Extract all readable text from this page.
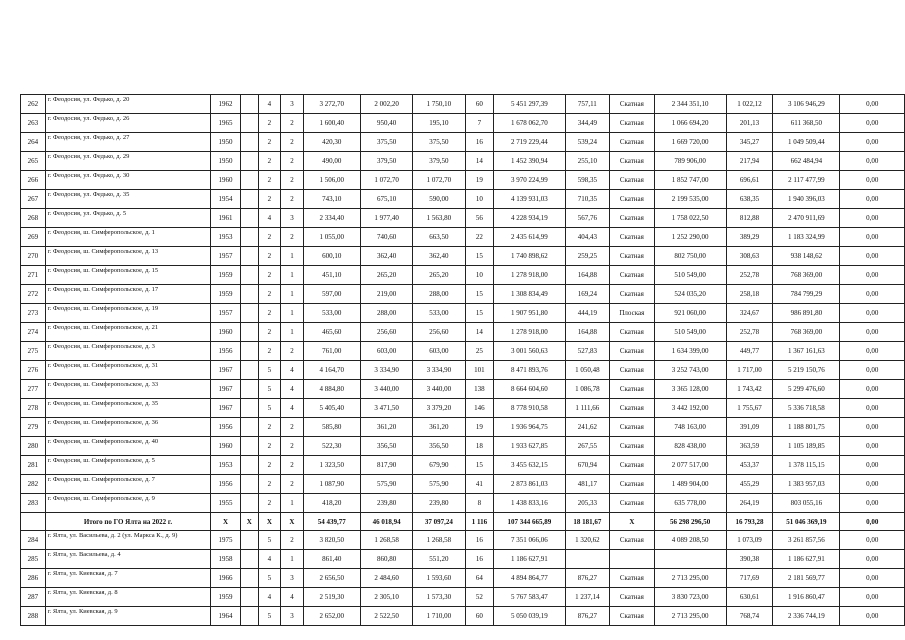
262	г. Феодосия, ул. Федько, д. 20	1962		4	3	3 272,70	2 002,20	1 750,10	60	5 451 297,39	757,11	Скатная	2 344 351,10	1 022,12	3 106 946,29	0,00
263	г. Феодосия, ул. Федько, д. 26	1965		2	2	1 600,40	950,40	195,10	7	1 678 062,70	344,49	Скатная	1 066 694,20	201,13	611 368,50	0,00
264	г. Феодосия, ул. Федько, д. 27	1950		2	2	420,30	375,50	375,50	16	2 719 229,44	539,24	Скатная	1 669 720,00	345,27	1 049 509,44	0,00
265	г. Феодосия, ул. Федько, д. 29	1950		2	2	490,00	379,50	379,50	14	1 452 390,94	255,10	Скатная	789 906,00	217,94	662 484,94	0,00
266	г. Феодосия, ул. Федько, д. 30	1960		2	2	1 506,00	1 072,70	1 072,70	19	3 970 224,99	598,35	Скатная	1 852 747,00	696,61	2 117 477,99	0,00
267	г. Феодосия, ул. Федько, д. 35	1954		2	2	743,10	675,10	590,00	10	4 139 931,03	710,35	Скатная	2 199 535,00	638,35	1 940 396,03	0,00
268	г. Феодосия, ул. Федько, д. 5	1961		4	3	2 334,40	1 977,40	1 563,80	56	4 228 934,19	567,76	Скатная	1 758 022,50	812,88	2 470 911,69	0,00
269	г. Феодосия, ш. Симферопольское, д. 1	1953		2	2	1 055,00	740,60	663,50	22	2 435 614,99	404,43	Скатная	1 252 290,00	389,29	1 183 324,99	0,00
270	г. Феодосия, ш. Симферопольское, д. 13	1957		2	1	600,10	362,40	362,40	15	1 740 898,62	259,25	Скатная	802 750,00	308,63	938 148,62	0,00
271	г. Феодосия, ш. Симферопольское, д. 15	1959		2	1	451,10	265,20	265,20	10	1 278 918,00	164,88	Скатная	510 549,00	252,78	768 369,00	0,00
272	г. Феодосия, ш. Симферопольское, д. 17	1959		2	1	597,00	219,00	288,00	15	1 308 834,49	169,24	Скатная	524 035,20	258,18	784 799,29	0,00
273	г. Феодосия, ш. Симферопольское, д. 19	1957		2	1	533,00	288,00	533,00	15	1 907 951,80	444,19	Плоская	921 060,00	324,67	986 891,80	0,00
274	г. Феодосия, ш. Симферопольское, д. 21	1960		2	1	465,60	256,60	256,60	14	1 278 918,00	164,88	Скатная	510 549,00	252,78	768 369,00	0,00
275	г. Феодосия, ш. Симферопольское, д. 3	1956		2	2	761,00	603,00	603,00	25	3 001 560,63	527,83	Скатная	1 634 399,00	449,77	1 367 161,63	0,00
276	г. Феодосия, ш. Симферопольское, д. 31	1967		5	4	4 164,70	3 334,90	3 334,90	101	8 471 893,76	1 050,48	Скатная	3 252 743,00	1 717,00	5 219 150,76	0,00
277	г. Феодосия, ш. Симферопольское, д. 33	1967		5	4	4 884,80	3 440,00	3 440,00	138	8 664 604,60	1 086,78	Скатная	3 365 128,00	1 743,42	5 299 476,60	0,00
278	г. Феодосия, ш. Симферопольское, д. 35	1967		5	4	5 405,40	3 471,50	3 379,20	146	8 778 910,58	1 111,66	Скатная	3 442 192,00	1 755,67	5 336 718,58	0,00
279	г. Феодосия, ш. Симферопольское, д. 36	1956		2	2	585,80	361,20	361,20	19	1 936 964,75	241,62	Скатная	748 163,00	391,09	1 188 801,75	0,00
280	г. Феодосия, ш. Симферопольское, д. 40	1960		2	2	522,30	356,50	356,50	18	1 933 627,85	267,55	Скатная	828 438,00	363,59	1 105 189,85	0,00
281	г. Феодосия, ш. Симферопольское, д. 5	1953		2	2	1 323,50	817,90	679,90	15	3 455 632,15	670,94	Скатная	2 077 517,00	453,37	1 378 115,15	0,00
282	г. Феодосия, ш. Симферопольское, д. 7	1956		2	2	1 087,90	575,90	575,90	41	2 873 861,03	481,17	Скатная	1 489 904,00	455,29	1 383 957,03	0,00
283	г. Феодосия, ш. Симферопольское, д. 9	1955		2	1	418,20	239,80	239,80	8	1 438 833,16	205,33	Скатная	635 778,00	264,19	803 055,16	0,00
	Итого по ГО Ялта на 2022 г.	X	X	X	X	54 439,77	46 018,94	37 097,24	1 116	107 344 665,89	18 181,67	X	56 298 296,50	16 793,28	51 046 369,19	0,00
284	г. Ялта, ул. Васильева, д. 2 (ул. Маркса К., д. 9)	1975		5	2	3 820,50	1 268,58	1 268,58	16	7 351 066,06	1 320,62	Скатная	4 089 208,50	1 073,09	3 261 857,56	0,00
285	г. Ялта, ул. Васильева, д. 4	1958		4	1	861,40	860,80	551,20	16	1 186 627,91				390,38	1 186 627,91	0,00
286	г. Ялта, ул. Киевская, д. 7	1966		5	3	2 656,50	2 484,60	1 593,60	64	4 894 864,77	876,27	Скатная	2 713 295,00	717,69	2 181 569,77	0,00
287	г. Ялта, ул. Киевская, д. 8	1959		4	4	2 519,30	2 305,10	1 573,30	52	5 767 583,47	1 237,14	Скатная	3 830 723,00	630,61	1 916 860,47	0,00
288	г. Ялта, ул. Киевская, д. 9	1964		5	3	2 652,00	2 522,50	1 710,00	60	5 050 039,19	876,27	Скатная	2 713 295,00	768,74	2 336 744,19	0,00
